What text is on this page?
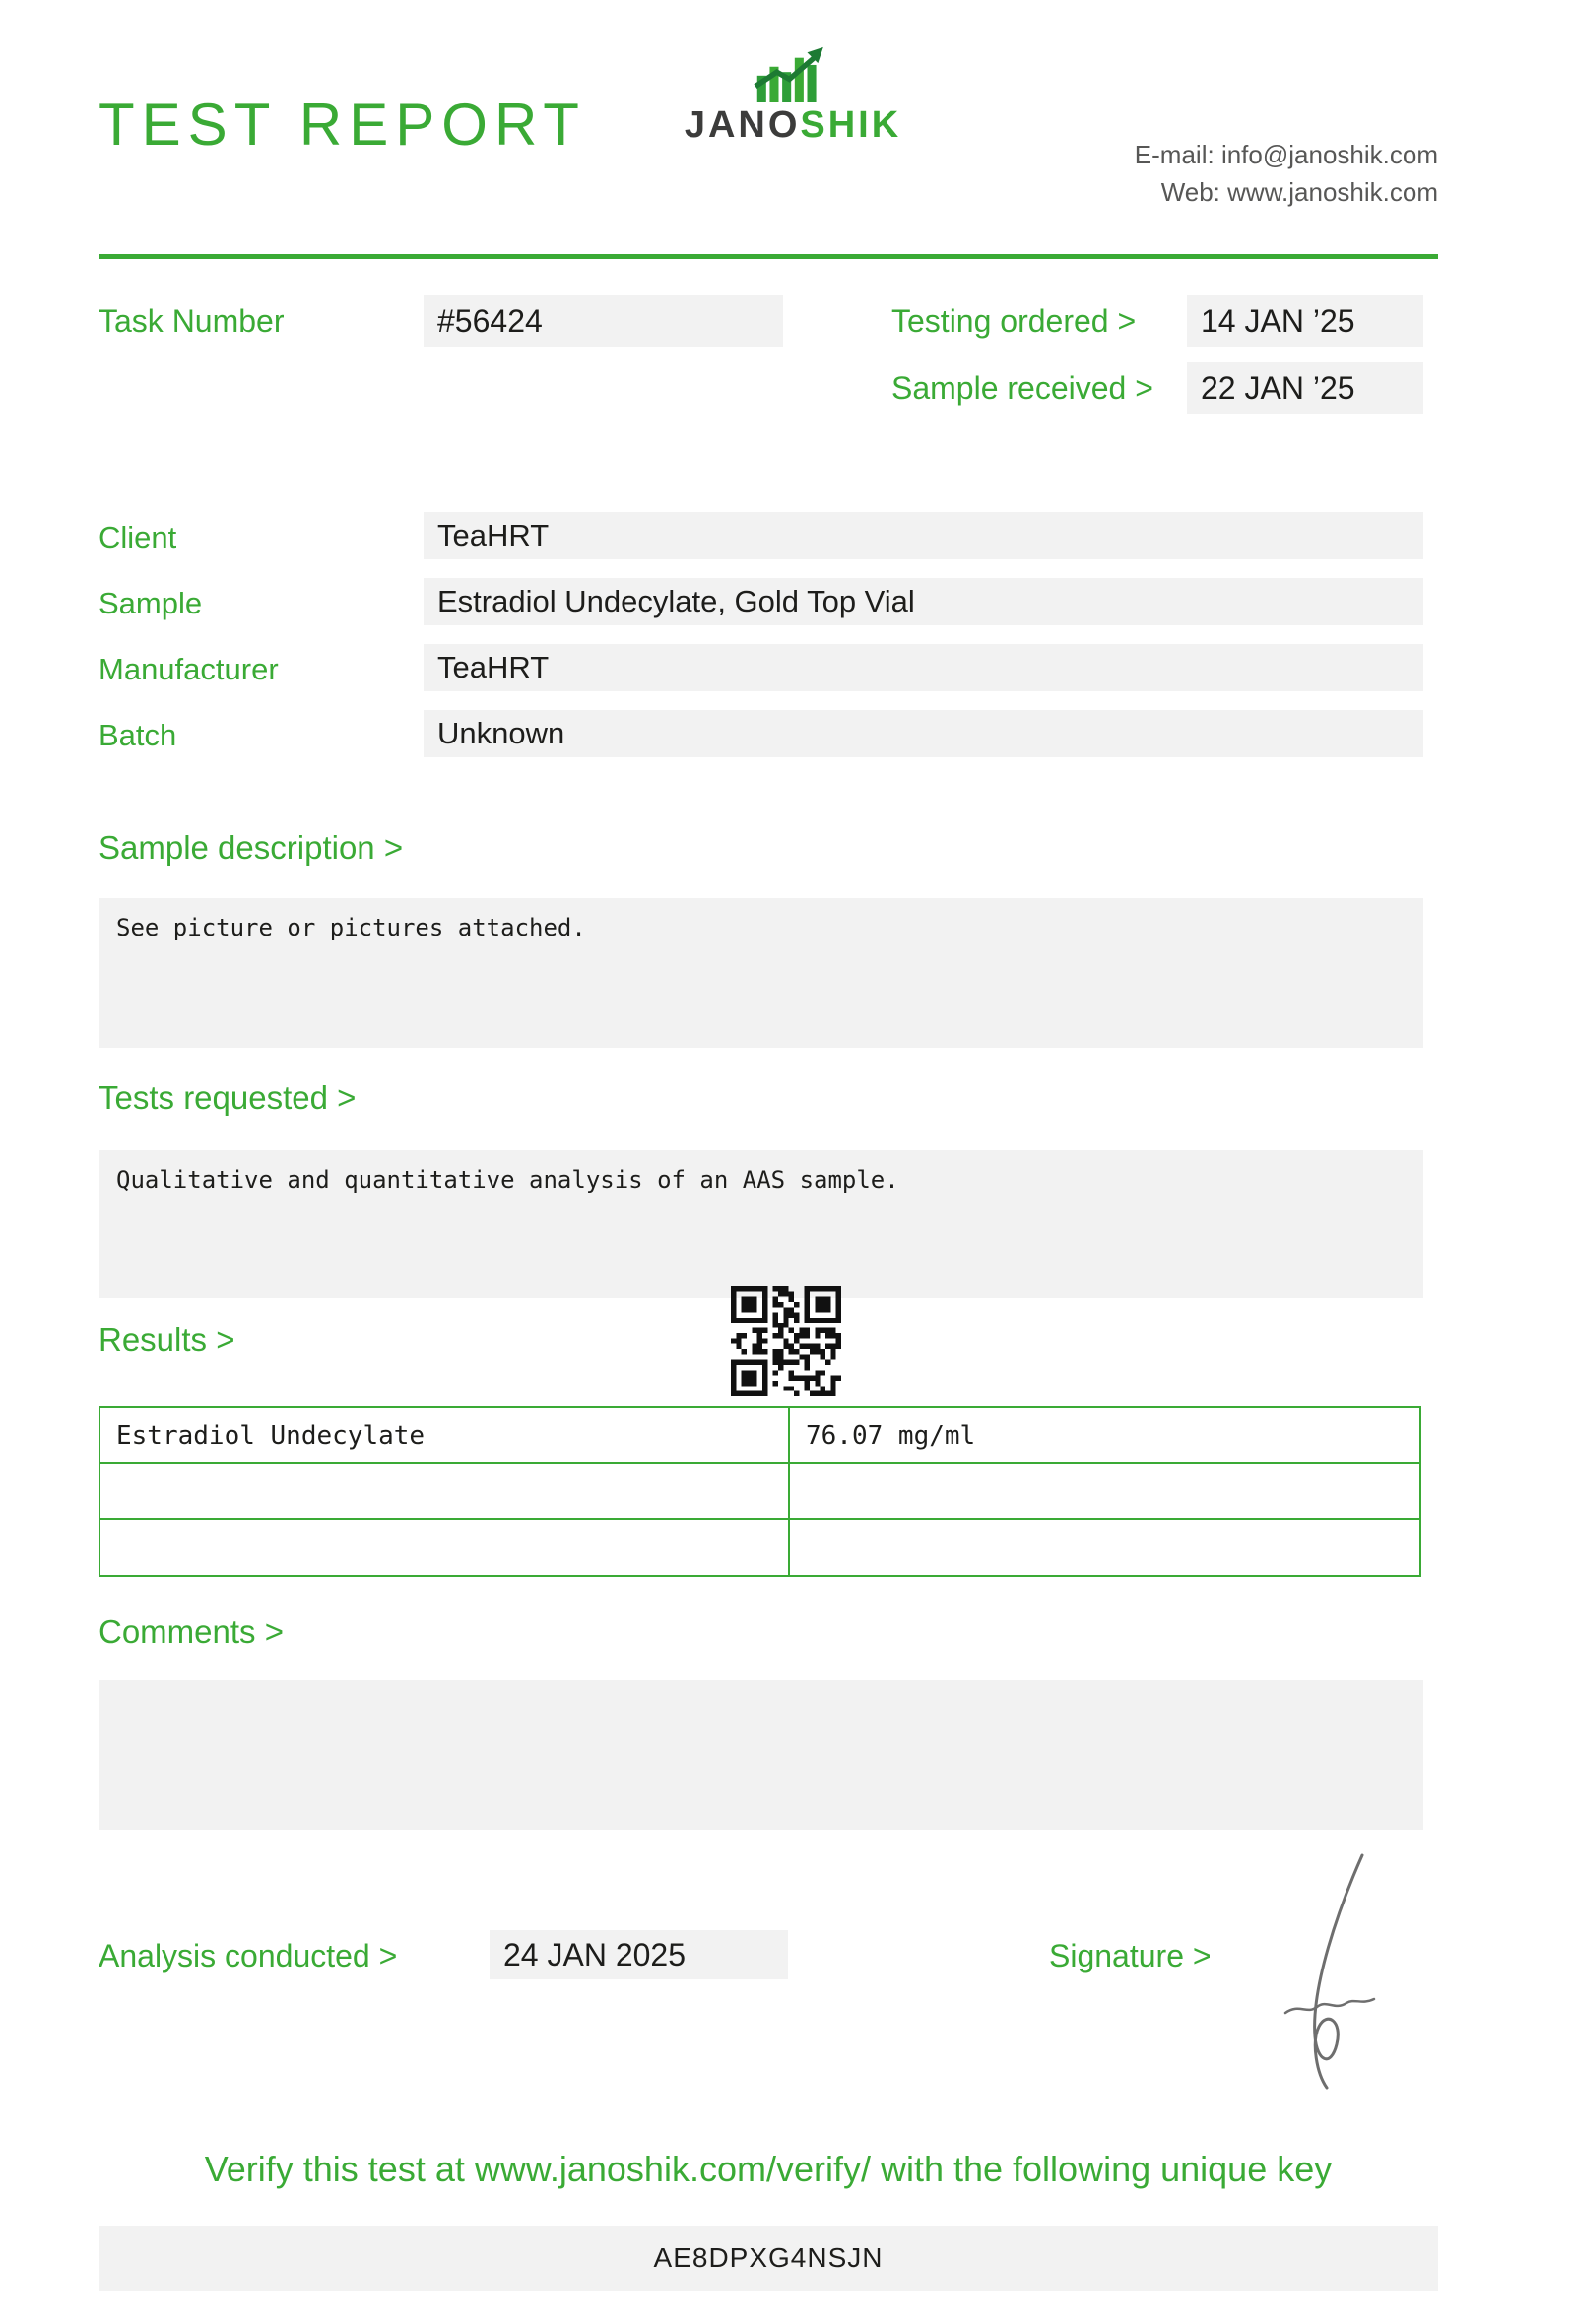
TEST REPORT	JANOSHIK
E-mail: info@janoshik.com
Web: www.janoshik.com
Task Number	#56424	Testing ordered >	14 JAN ’25
Sample received >	22 JAN ’25
Client	TeaHRT
Sample	Estradiol Undecylate, Gold Top Vial
Manufacturer	TeaHRT
Batch	Unknown
Sample description >
See picture or pictures attached.
Tests requested >
Qualitative and quantitative analysis of an AAS sample.
Results >
Estradiol Undecylate	76.07 mg/ml

Comments >
Analysis conducted >	24 JAN 2025	Signature >
Verify this test at www.janoshik.com/verify/ with the following unique key
AE8DPXG4NSJN
